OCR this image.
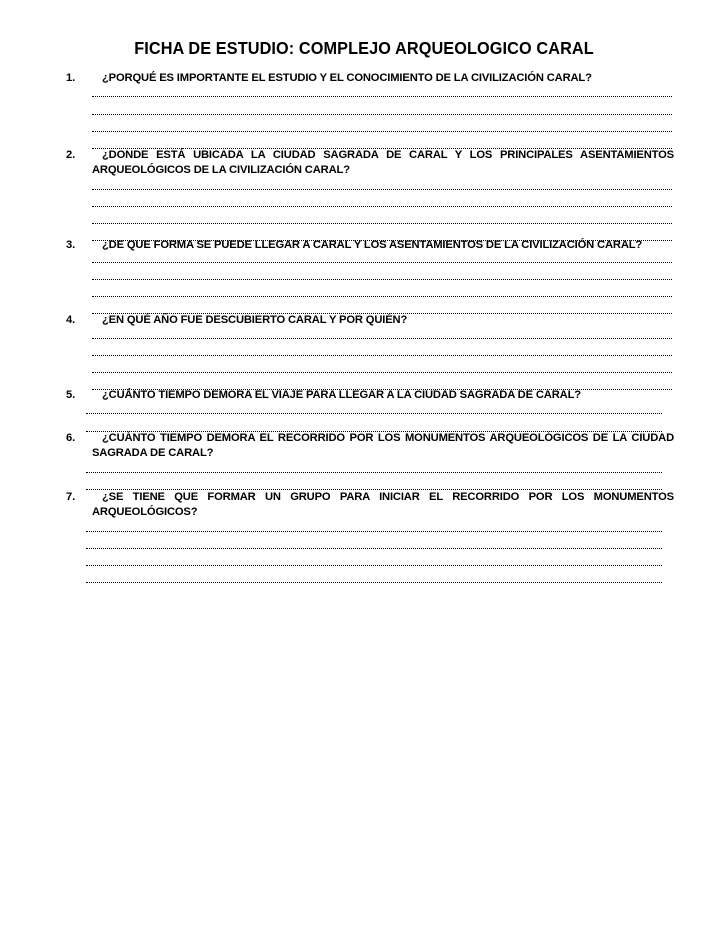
FICHA DE ESTUDIO: COMPLEJO ARQUEOLOGICO CARAL
1.	¿PORQUÉ ES IMPORTANTE EL ESTUDIO Y EL CONOCIMIENTO DE LA CIVILIZACIÓN CARAL?
2.	¿DONDE ESTÁ UBICADA LA CIUDAD SAGRADA DE CARAL Y LOS PRINCIPALES ASENTAMIENTOS ARQUEOLÓGICOS DE LA CIVILIZACIÓN CARAL?
3.	¿DE QUE FORMA SE PUEDE LLEGAR A CARAL Y LOS ASENTAMIENTOS DE LA CIVILIZACIÓN CARAL?
4.	¿EN QUÉ AÑO FUE DESCUBIERTO CARAL Y POR QUIÉN?
5.	¿CUÁNTO TIEMPO DEMORA EL VIAJE PARA LLEGAR A LA CIUDAD SAGRADA DE CARAL?
6.	¿CUÁNTO TIEMPO DEMORA EL RECORRIDO POR LOS MONUMENTOS ARQUEOLÓGICOS DE LA CIUDAD SAGRADA DE CARAL?
7.	¿SE TIENE QUE FORMAR UN GRUPO PARA INICIAR EL RECORRIDO POR LOS MONUMENTOS ARQUEOLÓGICOS?
